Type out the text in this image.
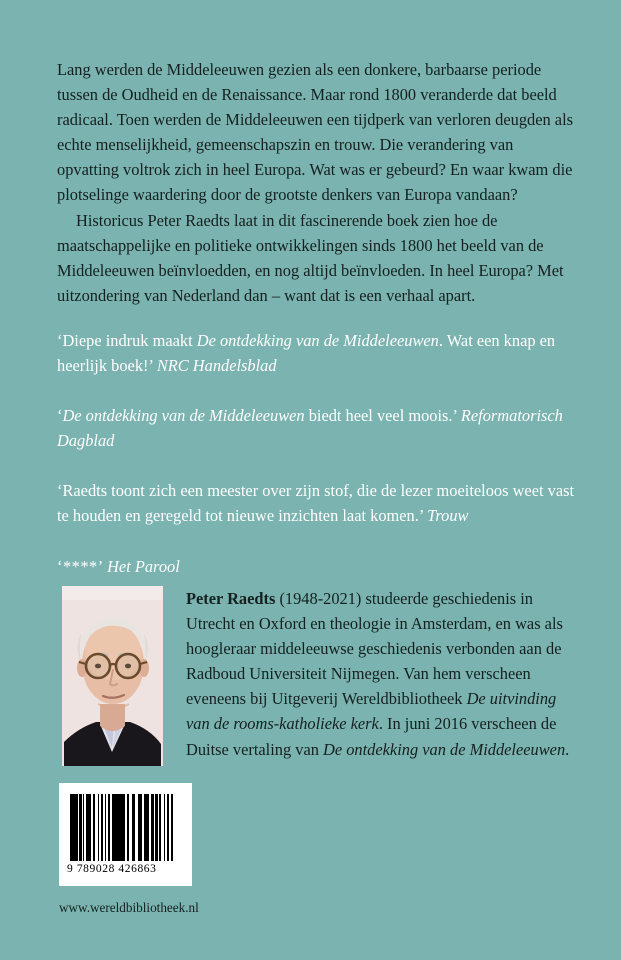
Lang werden de Middeleeuwen gezien als een donkere, barbaarse periode tussen de Oudheid en de Renaissance. Maar rond 1800 veranderde dat beeld radicaal. Toen werden de Middeleeuwen een tijdperk van verloren deugden als echte menselijkheid, gemeenschapszin en trouw. Die verandering van opvatting voltrok zich in heel Europa. Wat was er gebeurd? En waar kwam die plotselinge waardering door de grootste denkers van Europa vandaan?

Historicus Peter Raedts laat in dit fascinerende boek zien hoe de maatschappelijke en politieke ontwikkelingen sinds 1800 het beeld van de Middeleeuwen beïnvloedden, en nog altijd beïnvloeden. In heel Europa? Met uitzondering van Nederland dan – want dat is een verhaal apart.

‘Diepe indruk maakt De ontdekking van de Middeleeuwen. Wat een knap en heerlijk boek!’ NRC Handelsblad

‘De ontdekking van de Middeleeuwen biedt heel veel moois.’ Reformatorisch Dagblad

‘Raedts toont zich een meester over zijn stof, die de lezer moeiteloos weet vast te houden en geregeld tot nieuwe inzichten laat komen.’ Trouw

‘****’ Het Parool

Peter Raedts (1948-2021) studeerde geschiedenis in Utrecht en Oxford en theologie in Amsterdam, en was als hoogleraar middeleeuwse geschiedenis verbonden aan de Radboud Universiteit Nijmegen. Van hem verscheen eveneens bij Uitgeverij Wereldbibliotheek De uitvinding van de rooms-katholieke kerk. In juni 2016 verscheen de Duitse vertaling van De ontdekking van de Middeleeuwen.
9 789028 426863
www.wereldbibliotheek.nl
